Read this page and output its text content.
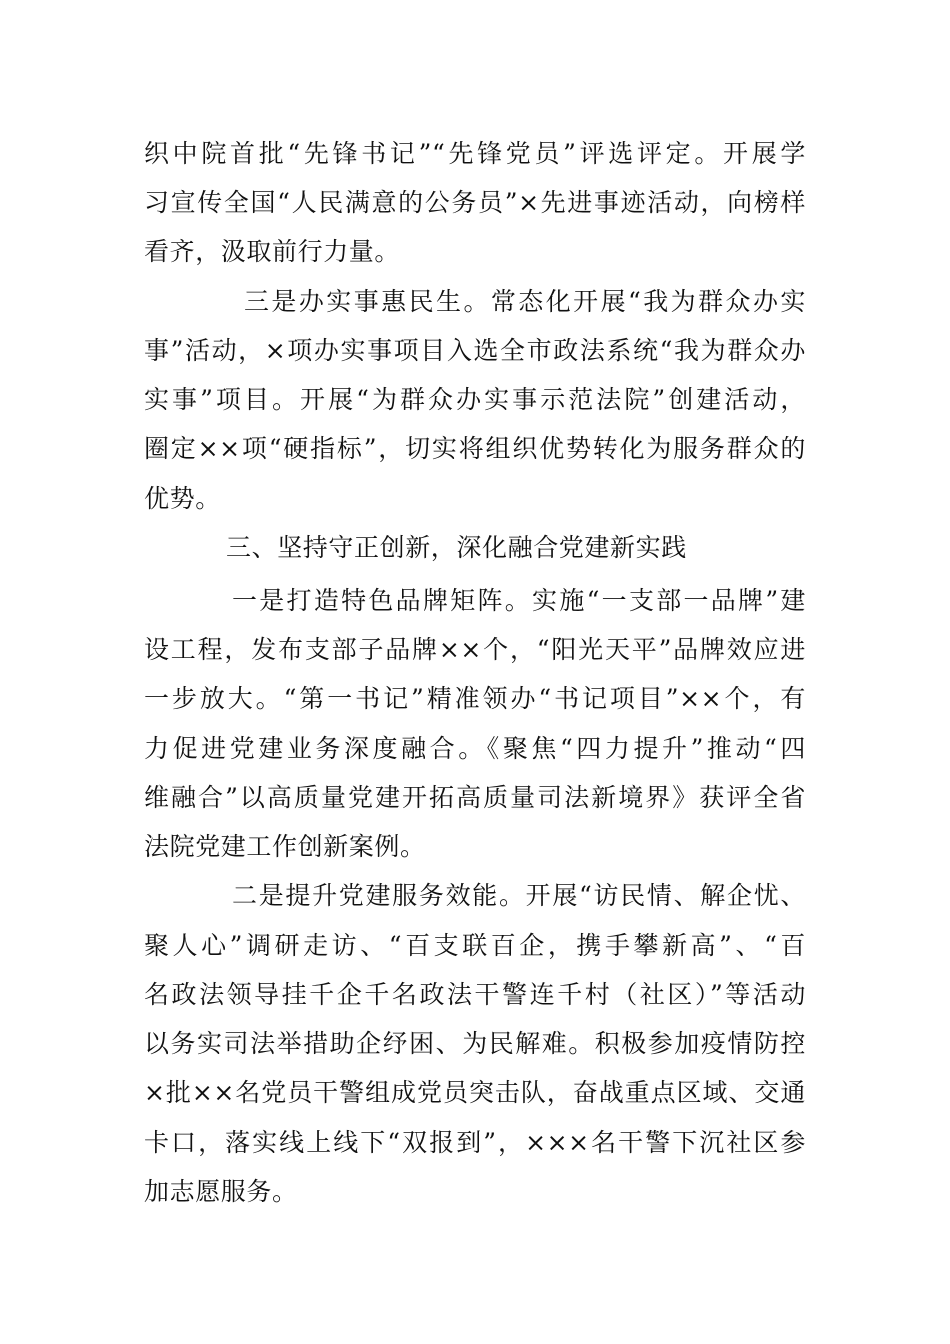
织中院首批“先锋书记”“先锋党员”评选评定。开展学
习宣传全国“人民满意的公务员”×先进事迹活动，向榜样
看齐，汲取前行力量。
三是办实事惠民生。常态化开展“我为群众办实
事”活动，×项办实事项目入选全市政法系统“我为群众办
实事”项目。开展“为群众办实事示范法院”创建活动，
圈定××项“硬指标”，切实将组织优势转化为服务群众的
优势。
三、坚持守正创新，深化融合党建新实践
一是打造特色品牌矩阵。实施“一支部一品牌”建
设工程，发布支部子品牌××个，“阳光天平”品牌效应进
一步放大。“第一书记”精准领办“书记项目”××个，有
力促进党建业务深度融合。《聚焦“四力提升”推动“四
维融合”以高质量党建开拓高质量司法新境界》获评全省
法院党建工作创新案例。
二是提升党建服务效能。开展“访民情、解企忧、
聚人心”调研走访、“百支联百企，携手攀新高”、“百
名政法领导挂千企千名政法干警连千村（社区）”等活动
以务实司法举措助企纾困、为民解难。积极参加疫情防控
×批××名党员干警组成党员突击队，奋战重点区域、交通
卡口，落实线上线下“双报到”，×××名干警下沉社区参
加志愿服务。
